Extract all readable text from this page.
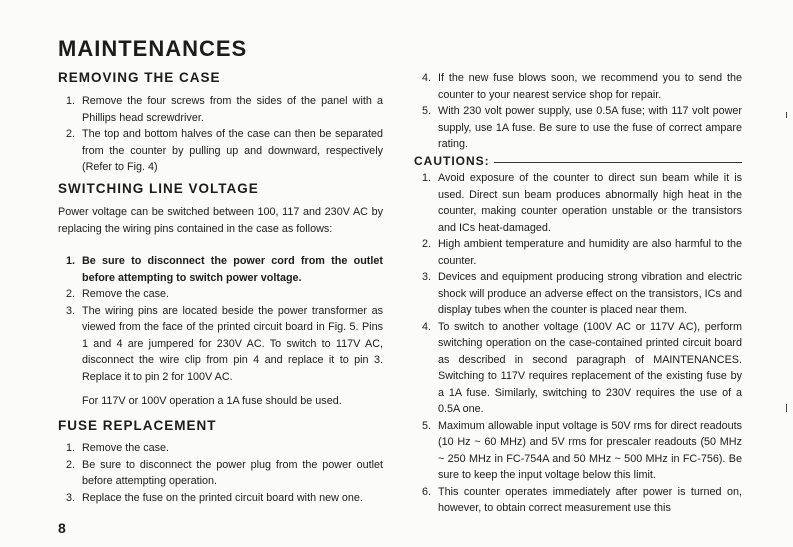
MAINTENANCES
REMOVING THE CASE
1. Remove the four screws from the sides of the panel with a Phillips head screwdriver.
2. The top and bottom halves of the case can then be separated from the counter by pulling up and downward, respectively (Refer to Fig. 4)
SWITCHING LINE VOLTAGE

Power voltage can be switched between 100, 117 and 230V AC by replacing the wiring pins contained in the case as follows:

1. Be sure to disconnect the power cord from the outlet before attempting to switch power voltage.
2. Remove the case.
3. The wiring pins are located beside the power transformer as viewed from the face of the printed circuit board in Fig. 5. Pins 1 and 4 are jumpered for 230V AC. To switch to 117V AC, disconnect the wire clip from pin 4 and replace it to pin 3. Replace it to pin 2 for 100V AC.

For 117V or 100V operation a 1A fuse should be used.

FUSE REPLACEMENT
1. Remove the case.
2. Be sure to disconnect the power plug from the power outlet before attempting operation.
3. Replace the fuse on the printed circuit board with new one.
8
4. If the new fuse blows soon, we recommend you to send the counter to your nearest service shop for repair.
5. With 230 volt power supply, use 0.5A fuse; with 117 volt power supply, use 1A fuse. Be sure to use the fuse of correct ampare rating.
CAUTIONS:
1. Avoid exposure of the counter to direct sun beam while it is used. Direct sun beam produces abnormally high heat in the counter, making counter operation unstable or the transistors and ICs heat-damaged.
2. High ambient temperature and humidity are also harmful to the counter.
3. Devices and equipment producing strong vibration and electric shock will produce an adverse effect on the transistors, ICs and display tubes when the counter is placed near them.
4. To switch to another voltage (100V AC or 117V AC), perform switching operation on the case-contained printed circuit board as described in second paragraph of MAINTENANCES. Switching to 117V requires replacement of the existing fuse by a 1A fuse. Similarly, switching to 230V requires the use of a 0.5A one.
5. Maximum allowable input voltage is 50V rms for direct readouts (10 Hz ~ 60 MHz) and 5V rms for prescaler readouts (50 MHz ~ 250 MHz in FC-754A and 50 MHz ~ 500 MHz in FC-756). Be sure to keep the input voltage below this limit.
6. This counter operates immediately after power is turned on, however, to obtain correct measurement use this
